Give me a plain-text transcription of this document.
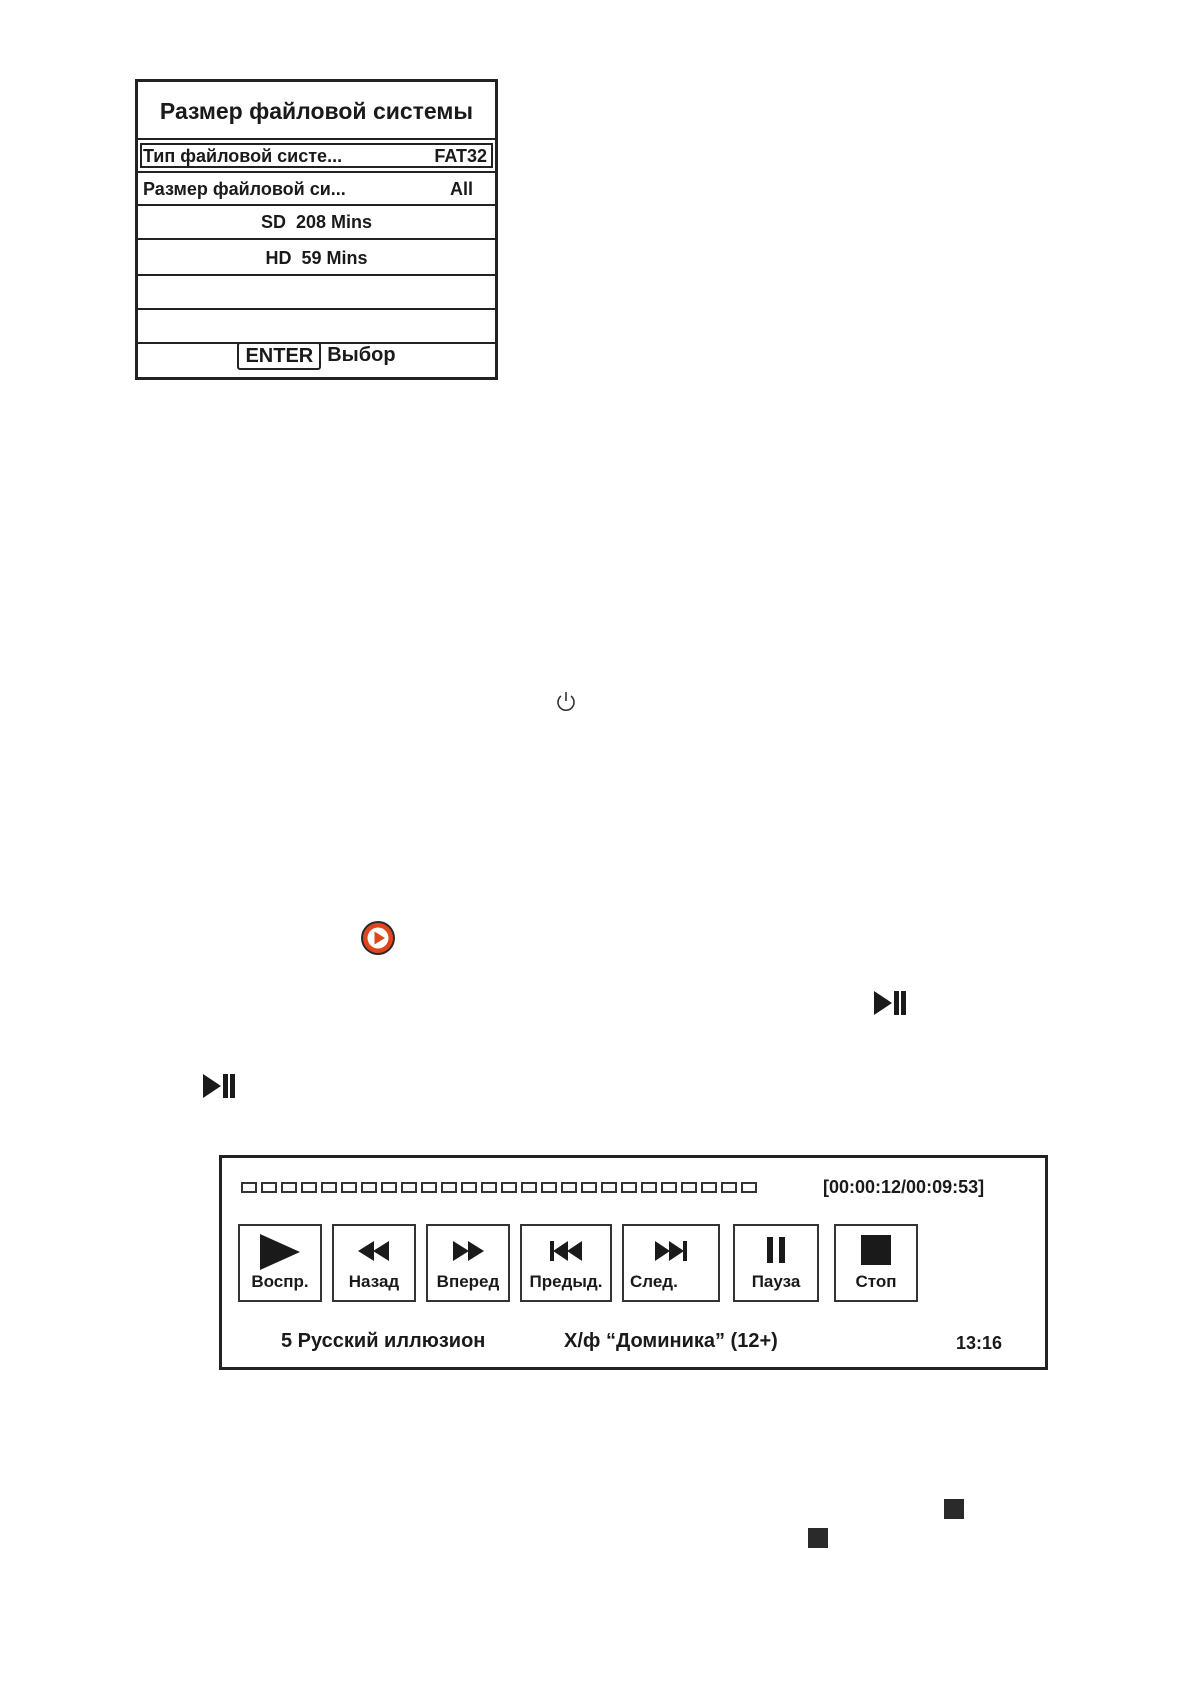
Размер файловой системы
Тип файловой систе...	FAT32
Размер файловой си...	All
SD  208 Mins
HD  59 Mins
ENTER Выбор
[00:00:12/00:09:53]
Воспр.	Назад	Вперед	Предыд.	След.	Пауза	Стоп
5 Русский иллюзион	Х/ф “Доминика” (12+)	13:16
